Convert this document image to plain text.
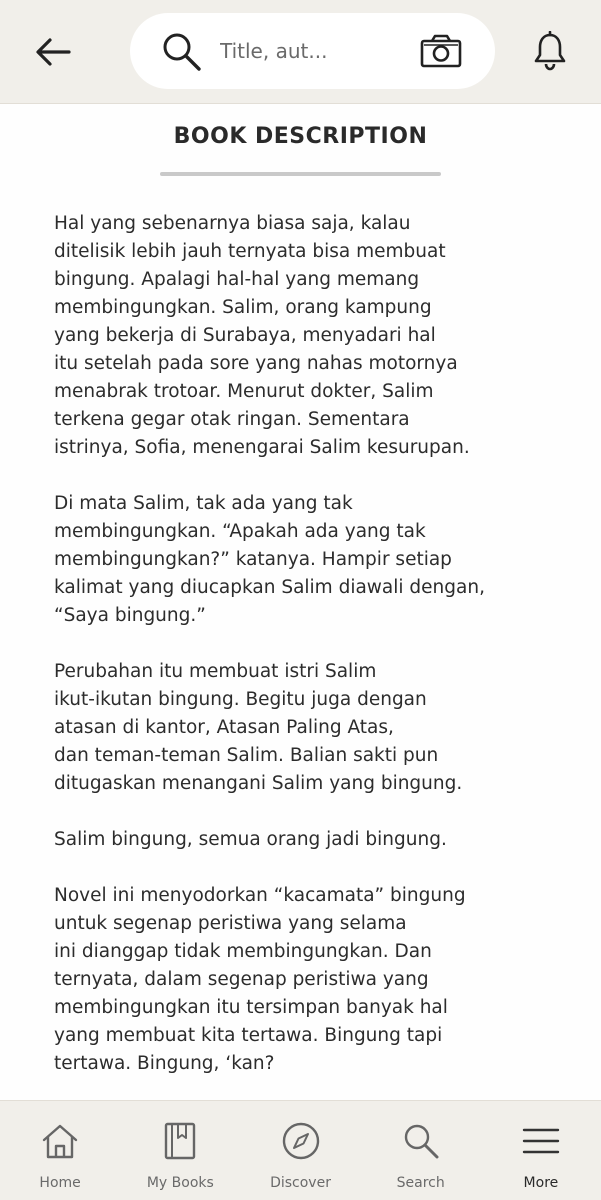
Title, aut...
BOOK DESCRIPTION

Hal yang sebenarnya biasa saja, kalau
ditelisik lebih jauh ternyata bisa membuat
bingung. Apalagi hal-hal yang memang
membingungkan. Salim, orang kampung
yang bekerja di Surabaya, menyadari hal
itu setelah pada sore yang nahas motornya
menabrak trotoar. Menurut dokter, Salim
terkena gegar otak ringan. Sementara
istrinya, Sofia, menengarai Salim kesurupan.

Di mata Salim, tak ada yang tak
membingungkan. “Apakah ada yang tak
membingungkan?” katanya. Hampir setiap
kalimat yang diucapkan Salim diawali dengan,
“Saya bingung.”

Perubahan itu membuat istri Salim
ikut-ikutan bingung. Begitu juga dengan
atasan di kantor, Atasan Paling Atas,
dan teman-teman Salim. Balian sakti pun
ditugaskan menangani Salim yang bingung.

Salim bingung, semua orang jadi bingung.

Novel ini menyodorkan “kacamata” bingung
untuk segenap peristiwa yang selama
ini dianggap tidak membingungkan. Dan
ternyata, dalam segenap peristiwa yang
membingungkan itu tersimpan banyak hal
yang membuat kita tertawa. Bingung tapi
tertawa. Bingung, ‘kan?

Home	My Books	Discover	Search	More
